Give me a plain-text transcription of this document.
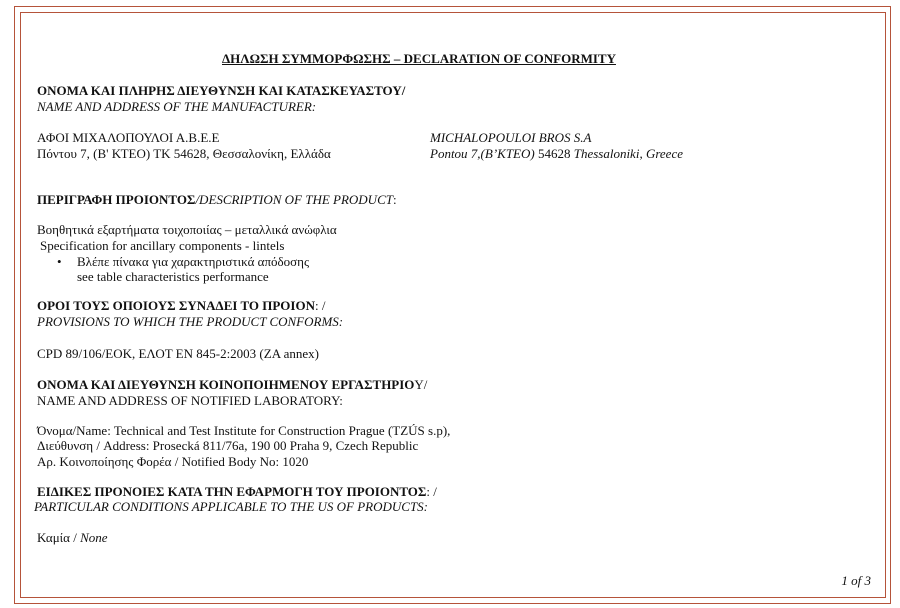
ΔΗΛΩΣΗ ΣΥΜΜΟΡΦΩΣΗΣ – DECLARATION OF CONFORMITY
ΟΝΟΜΑ ΚΑΙ ΠΛΗΡΗΣ ΔΙΕΥΘΥΝΣΗ ΚΑΙ ΚΑΤΑΣΚΕΥΑΣΤΟΥ/
NAME AND ADDRESS OF THE MANUFACTURER:
ΑΦΟΙ ΜΙΧΑΛΟΠΟΥΛΟΙ Α.Β.Ε.Ε
Πόντου 7, (Β' ΚΤΕΟ) ΤΚ 54628, Θεσσαλονίκη, Ελλάδα
MICHALOPOULOI BROS S.A
Pontou 7,(B’KTEO) 54628 Thessaloniki, Greece
ΠΕΡΙΓΡΑΦΗ ΠΡΟΙΟΝΤΟΣ/DESCRIPTION OF THE PRODUCT:
Βοηθητικά εξαρτήματα τοιχοποιίας – μεταλλικά ανώφλια
Specification for ancillary components - lintels
• Βλέπε πίνακα για χαρακτηριστικά απόδοσης
see table characteristics performance
ΟΡΟΙ ΤΟΥΣ ΟΠΟΙΟΥΣ ΣΥΝΑΔΕΙ ΤΟ ΠΡΟΙΟΝ: /
PROVISIONS TO WHICH THE PRODUCT CONFORMS:
CPD 89/106/ΕΟΚ, ΕΛΟΤ ΕΝ 845-2:2003 (ZA annex)
ΟΝΟΜΑ ΚΑΙ ΔΙΕΥΘΥΝΣΗ ΚΟΙΝΟΠΟΙΗΜΕΝΟΥ ΕΡΓΑΣΤΗΡΙΟΥ/
NAME AND ADDRESS OF NOTIFIED LABORATORY:
Όνομα/Name: Technical and Test Institute for Construction Prague (TZÚS s.p),
Διεύθυνση / Address: Prosecká 811/76a, 190 00 Praha 9, Czech Republic
Αρ. Κοινοποίησης Φορέα / Notified Body No: 1020
ΕΙΔΙΚΕΣ ΠΡΟΝΟΙΕΣ ΚΑΤΑ ΤΗΝ ΕΦΑΡΜΟΓΗ ΤΟΥ ΠΡΟΙΟΝΤΟΣ: /
PARTICULAR CONDITIONS APPLICABLE TO THE US OF PRODUCTS:
Καμία / None
1 of 3
